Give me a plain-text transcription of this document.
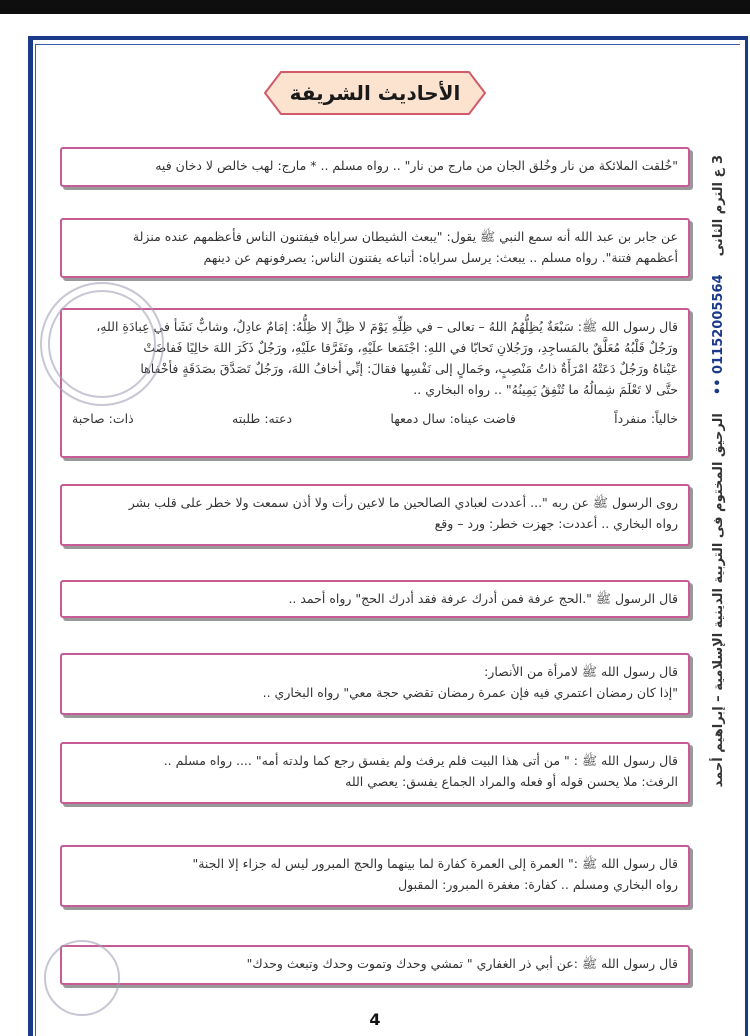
الأحاديث الشريفة

"خُلقت الملائكة من نار وخُلق الجان من مارج من نار" .. رواه مسلم .. * مارج: لهب خالص لا دخان فيه

عن جابر بن عبد الله أنه سمع النبي ﷺ يقول: "يبعث الشيطان سراياه فيفتنون الناس فأعظمهم عنده منزلة

أعظمهم فتنة". رواه مسلم .. يبعث: يرسل سراياه: أتباعه يفتنون الناس: يصرفونهم عن دينهم

قال رسول الله ﷺ: سَبْعَةٌ يُظِلُّهُمُ اللهُ – تعالى – في ظِلِّهِ يَوْمَ لا ظِلَّ إلا ظِلُّهُ: إمَامٌ عادِلٌ، وشابٌّ نَشَأ في عِبادَةِ اللهِ،

ورَجُلٌ قَلْبُهُ مُعَلَّقٌ بالمَساجِدِ، ورَجُلانِ تَحابّا في اللهِ: اجْتَمَعا علَيْهِ، وتَفَرَّقا علَيْهِ، ورَجُلٌ ذَكَرَ اللهَ خالِيًا فَفاضَتْ

عَيْناهُ ورَجُلٌ دَعَتْهُ امْرَأَةٌ ذاتُ مَنْصِبٍ، وجَمالٍ إلى نَفْسِها فقالَ: إنِّي أخافُ اللهَ، ورَجُلٌ تَصَدَّقَ بصَدَقَةٍ فأخْفاها

حتَّى لا تَعْلَمَ شِمالُهُ ما تُنْفِقُ يَمِينُهُ" .. رواه البخاري ..

خالياً: منفرداً
فاضت عيناه: سال دمعها
دعته: طلبته
ذات: صاحبة

روى الرسول ﷺ عن ربه "... أعددت لعبادي الصالحين ما لاعين رأت ولا أذن سمعت ولا خطر على قلب بشر

رواه البخاري .. أعددت: جهزت خطر: ورد – وقع

قال الرسول ﷺ ".الحج عرفة فمن أدرك عرفة فقد أدرك الحج" رواه أحمد ..

قال رسول الله ﷺ لامرأة من الأنصار:

"إذا كان رمضان اعتمري فيه فإن عمرة رمضان تقضي حجة معي" رواه البخاري ..

قال رسول الله ﷺ : " من أتى هذا البيت فلم يرفث ولم يفسق رجع كما ولدته أمه" .... رواه مسلم ..

الرفث: ملا يحسن قوله أو فعله والمراد الجماع يفسق: يعصي الله

قال رسول الله ﷺ :" العمرة إلى العمرة كفارة لما بينهما والحج المبرور ليس له جزاء إلا الجنة"

رواه البخاري ومسلم .. كفارة: مغفرة المبرور: المقبول

قال رسول الله ﷺ :عن أبي ذر الغفاري " تمشي وحدك وتموت وحدك وتبعث وحدك"

3 ع الترم الثانى    01152005564 ••    الرحيق المختوم فى التربية الدينية الإسلامية – إبراهيم أحمد
4
